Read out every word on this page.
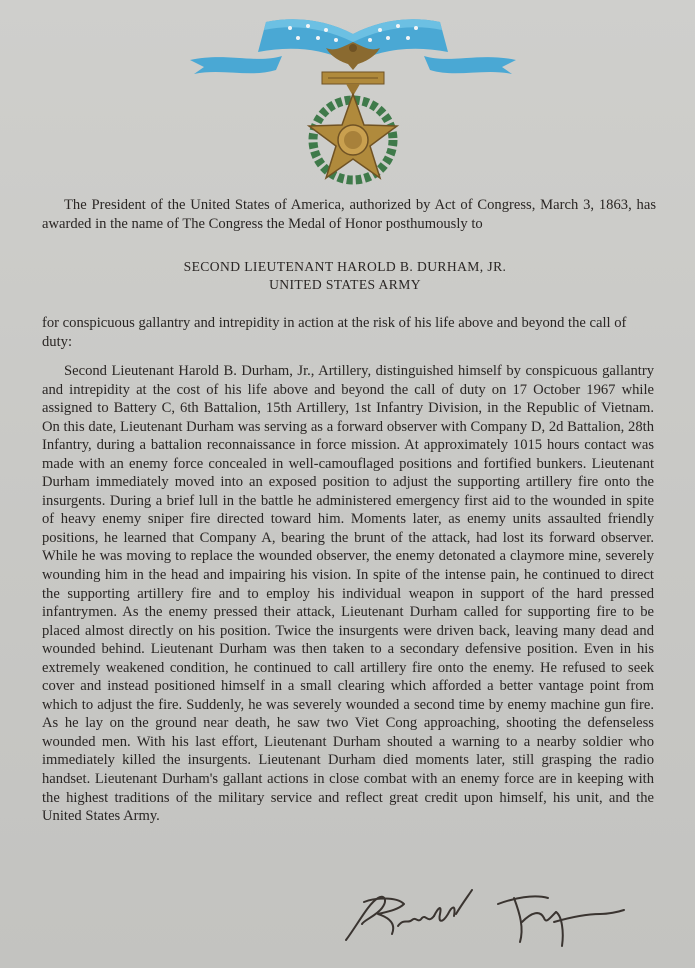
The President of the United States of America, authorized by Act of Congress, March 3, 1863, has awarded in the name of The Congress the Medal of Honor posthumously to

SECOND LIEUTENANT HAROLD B. DURHAM, JR.
UNITED STATES ARMY

for conspicuous gallantry and intrepidity in action at the risk of his life above and beyond the call of duty:

Second Lieutenant Harold B. Durham, Jr., Artillery, distinguished himself by conspicuous gallantry and intrepidity at the cost of his life above and beyond the call of duty on 17 October 1967 while assigned to Battery C, 6th Battalion, 15th Artillery, 1st Infantry Division, in the Republic of Vietnam. On this date, Lieutenant Durham was serving as a forward observer with Company D, 2d Battalion, 28th Infantry, during a battalion reconnaissance in force mission. At approximately 1015 hours contact was made with an enemy force concealed in well-camouflaged positions and fortified bunkers. Lieutenant Durham immediately moved into an exposed position to adjust the supporting artillery fire onto the insurgents. During a brief lull in the battle he administered emergency first aid to the wounded in spite of heavy enemy sniper fire directed toward him. Moments later, as enemy units assaulted friendly positions, he learned that Company A, bearing the brunt of the attack, had lost its forward observer. While he was moving to replace the wounded observer, the enemy detonated a claymore mine, severely wounding him in the head and impairing his vision. In spite of the intense pain, he continued to direct the supporting artillery fire and to employ his individual weapon in support of the hard pressed infantrymen. As the enemy pressed their attack, Lieutenant Durham called for supporting fire to be placed almost directly on his position. Twice the insurgents were driven back, leaving many dead and wounded behind. Lieutenant Durham was then taken to a secondary defensive position. Even in his extremely weakened condition, he continued to call artillery fire onto the enemy. He refused to seek cover and instead positioned himself in a small clearing which afforded a better vantage point from which to adjust the fire. Suddenly, he was severely wounded a second time by enemy machine gun fire. As he lay on the ground near death, he saw two Viet Cong approaching, shooting the defenseless wounded men. With his last effort, Lieutenant Durham shouted a warning to a nearby soldier who immediately killed the insurgents. Lieutenant Durham died moments later, still grasping the radio handset. Lieutenant Durham's gallant actions in close combat with an enemy force are in keeping with the highest traditions of the military service and reflect great credit upon himself, his unit, and the United States Army.
